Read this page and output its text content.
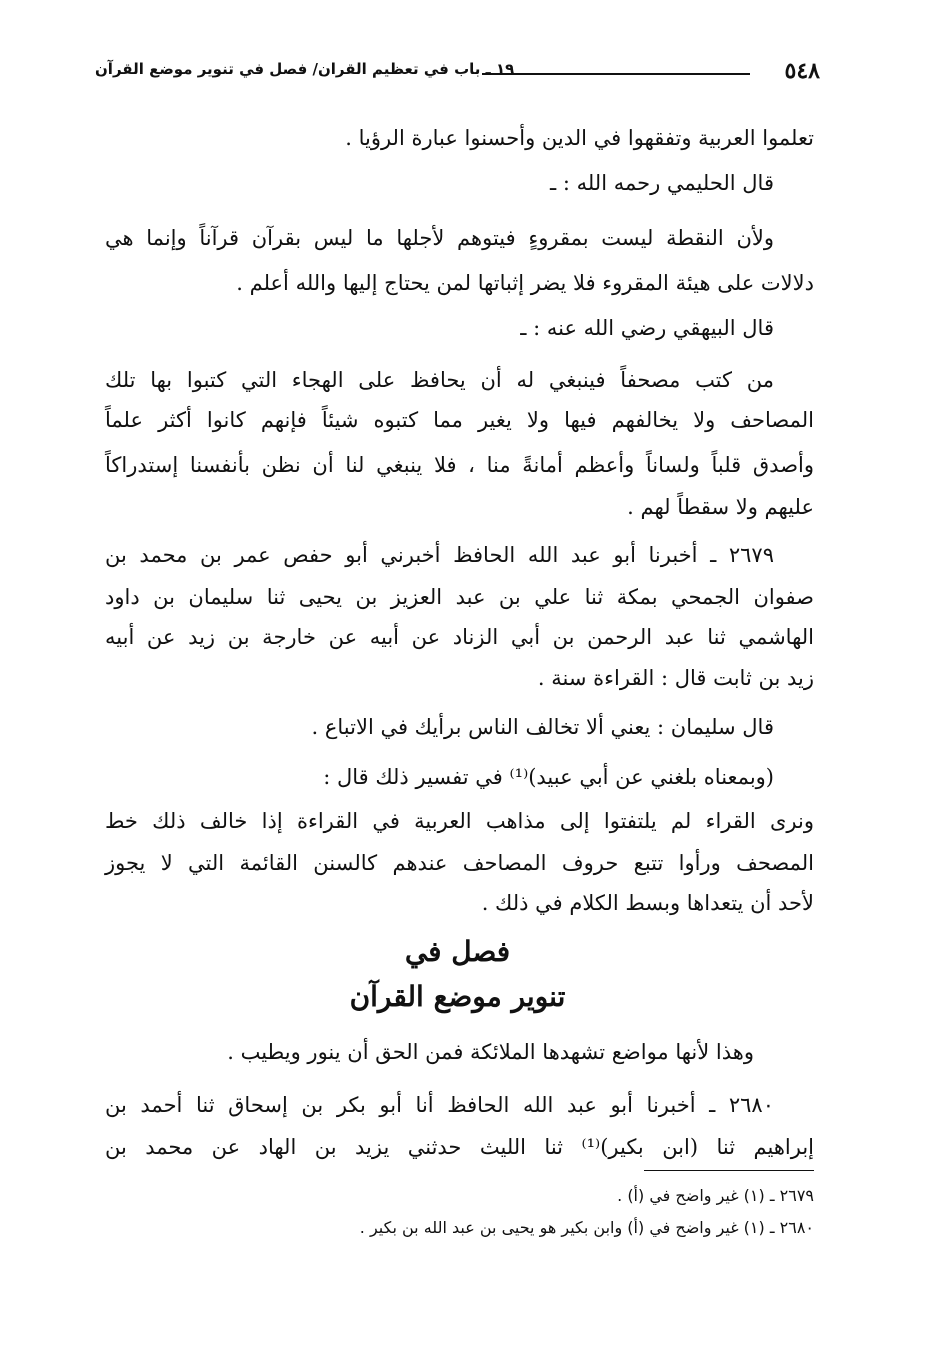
٥٤٨
١٩ ـ باب في تعظيم القران/ فصل في تنوير موضع القرآن
تعلموا العربية وتفقهوا في الدين وأحسنوا عبارة الرؤيا .
قال الحليمي رحمه الله : ـ
ولأن النقطة ليست بمقروءٍ فيتوهم لأجلها ما ليس بقرآن قرآناً وإنما هي
دلالات على هيئة المقروء فلا يضر إثباتها لمن يحتاج إليها والله أعلم .
قال البيهقي رضي الله عنه : ـ
من كتب مصحفاً فينبغي له أن يحافظ على الهجاء التي كتبوا بها تلك
المصاحف ولا يخالفهم فيها ولا يغير مما كتبوه شيئاً فإنهم كانوا أكثر علماً
وأصدق قلباً ولساناً وأعظم أمانةً منا ، فلا ينبغي لنا أن نظن بأنفسنا إستدراكاً
عليهم ولا سقطاً لهم .
٢٦٧٩ ـ أخبرنا أبو عبد الله الحافظ أخبرني أبو حفص عمر بن محمد بن
صفوان الجمحي بمكة ثنا علي بن عبد العزيز بن يحيى ثنا سليمان بن داود
الهاشمي ثنا عبد الرحمن بن أبي الزناد عن أبيه عن خارجة بن زيد عن أبيه
زيد بن ثابت قال : القراءة سنة .
قال سليمان : يعني ألا تخالف الناس برأيك في الاتباع .
(وبمعناه بلغني عن أبي عبيد)⁽¹⁾ في تفسير ذلك قال :
ونرى القراء لم يلتفتوا إلى مذاهب العربية في القراءة إذا خالف ذلك خط
المصحف ورأوا تتبع حروف المصاحف عندهم كالسنن القائمة التي لا يجوز
لأحد أن يتعداها وبسط الكلام في ذلك .
فصل في
تنوير موضع القرآن
وهذا لأنها مواضع تشهدها الملائكة فمن الحق أن ينور ويطيب .
٢٦٨٠ ـ أخبرنا أبو عبد الله الحافظ أنا أبو بكر بن إسحاق ثنا أحمد بن
إبراهيم ثنا (ابن بكير)⁽¹⁾ ثنا الليث حدثني يزيد بن الهاد عن محمد بن
٢٦٧٩ ـ (١) غير واضح في (أ) .
٢٦٨٠ ـ (١) غير واضح في (أ) وابن بكير هو يحيى بن عبد الله بن بكير .
